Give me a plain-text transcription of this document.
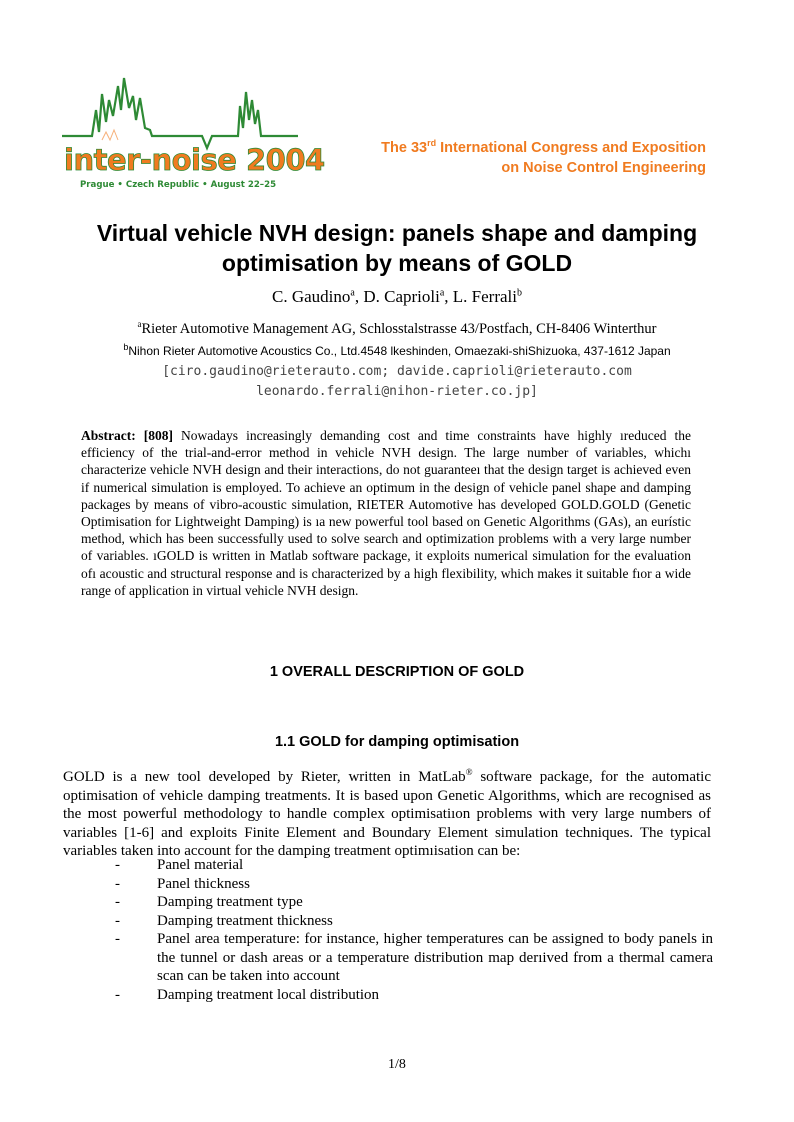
inter-noise 2004
Prague • Czech Republic • August 22–25
The 33rd International Congress and Exposition
on Noise Control Engineering
Virtual vehicle NVH design: panels shape and damping
optimisation by means of GOLD
C. Gaudino$^a$, D. Caprioli$^a$, L. Ferrali$^b$
$^a$Rieter Automotive Management AG, Schlosstalstrasse 43/Postfach, CH-8406 Winterthur
$^b$Nihon Rieter Automotive Acoustics Co., Ltd.4548 lkeshinden, Omaezaki-shiShizuoka, 437-1612 Japan
[ciro.gaudino@rieterauto.com; davide.caprioli@rieterauto.com
leonardo.ferrali@nihon-rieter.co.jp]
Abstract: [808] Nowadays increasingly demanding cost and time constraints have highly ıreduced the efficiency of the trial-and-error method in vehicle NVH design. The large number of variables, whichı characterize vehicle NVH design and their interactions, do not guaranteeı that the design target is achieved even if numerical simulation is employed. To achieve an optimum in the design of vehicle panel shape and damping packages by means of vibro-acoustic simulation, RIETER Automotive has developed GOLD.GOLD (Genetic Optimisation for Lightweight Damping) is ıa new powerful tool based on Genetic Algorithms (GAs), an eurístic method, which has been successfully used to solve search and optimization problems with a very large number of variables. ıGOLD is written in Matlab software package, it exploits numerical simulation for the evaluation ofı acoustic and structural response and is characterized by a high flexibility, which makes it suitable fıor a wide range of application in virtual vehicle NVH design.
1 OVERALL DESCRIPTION OF GOLD
1.1 GOLD for damping optimisation
GOLD is a new tool developed by Rieter, written in MatLab® software package, for the automatic optimisation of vehicle damping treatments. It is based upon Genetic Algorithms, which are recognised as the most powerful methodology to handle complex optimisatiıon problems with very large numbers of variables [1-6] and exploits Finite Element and Boundary Element simulation techniques. The typical variables taken into account for the damping treatment optimıisation can be:
- Panel material
- Panel thickness
- Damping treatment type
- Damping treatment thickness
- Panel area temperature: for instance, higher temperatures can be assigned to body panels in the tunnel or dash areas or a temperature distribution map derıived from a thermal camera scan can be taken into account
- Damping treatment local distribution
1/8
